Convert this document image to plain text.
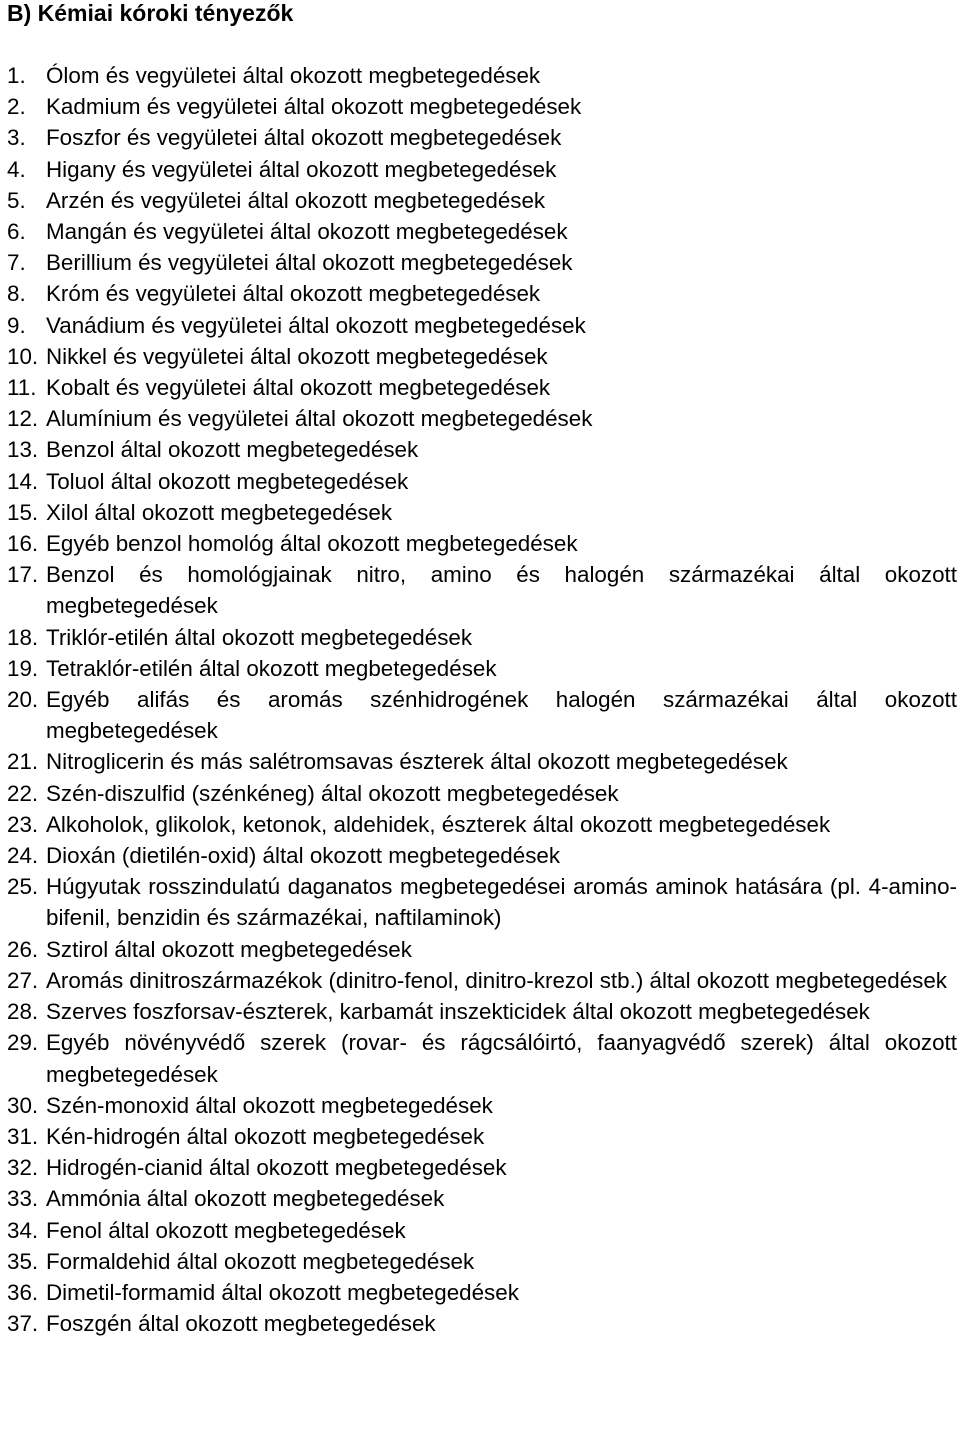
B) Kémiai kóroki tényezők
1. Ólom és vegyületei által okozott megbetegedések
2. Kadmium és vegyületei által okozott megbetegedések
3. Foszfor és vegyületei által okozott megbetegedések
4. Higany és vegyületei által okozott megbetegedések
5. Arzén és vegyületei által okozott megbetegedések
6. Mangán és vegyületei által okozott megbetegedések
7. Berillium és vegyületei által okozott megbetegedések
8. Króm és vegyületei által okozott megbetegedések
9. Vanádium és vegyületei által okozott megbetegedések
10. Nikkel és vegyületei által okozott megbetegedések
11. Kobalt és vegyületei által okozott megbetegedések
12. Alumínium és vegyületei által okozott megbetegedések
13. Benzol által okozott megbetegedések
14. Toluol által okozott megbetegedések
15. Xilol által okozott megbetegedések
16. Egyéb benzol homológ által okozott megbetegedések
17. Benzol és homológjainak nitro, amino és halogén származékai által okozott megbetegedések
18. Triklór-etilén által okozott megbetegedések
19. Tetraklór-etilén által okozott megbetegedések
20. Egyéb alifás és aromás szénhidrogének halogén származékai által okozott megbetegedések
21. Nitroglicerin és más salétromsavas észterek által okozott megbetegedések
22. Szén-diszulfid (szénkéneg) által okozott megbetegedések
23. Alkoholok, glikolok, ketonok, aldehidek, észterek által okozott megbetegedések
24. Dioxán (dietilén-oxid) által okozott megbetegedések
25. Húgyutak rosszindulatú daganatos megbetegedései aromás aminok hatására (pl. 4-amino-bifenil, benzidin és származékai, naftilaminok)
26. Sztirol által okozott megbetegedések
27. Aromás dinitroszármazékok (dinitro-fenol, dinitro-krezol stb.) által okozott megbetegedések
28. Szerves foszforsav-észterek, karbamát inszekticidek által okozott megbetegedések
29. Egyéb növényvédő szerek (rovar- és rágcsálóirtó, faanyagvédő szerek) által okozott megbetegedések
30. Szén-monoxid által okozott megbetegedések
31. Kén-hidrogén által okozott megbetegedések
32. Hidrogén-cianid által okozott megbetegedések
33. Ammónia által okozott megbetegedések
34. Fenol által okozott megbetegedések
35. Formaldehid által okozott megbetegedések
36. Dimetil-formamid által okozott megbetegedések
37. Foszgén által okozott megbetegedések
